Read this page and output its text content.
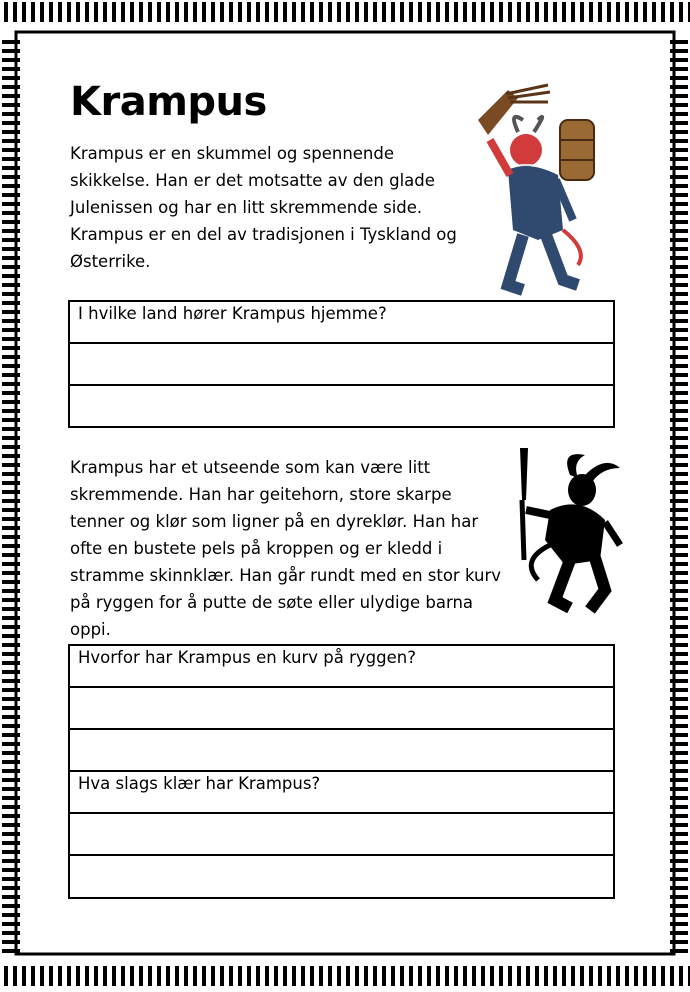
Krampus
Krampus er en skummel og spennende skikkelse. Han er det motsatte av den glade Julenissen og har en litt skremmende side. Krampus er en del av tradisjonen i Tyskland og Østerrike.
I hvilke land hører Krampus hjemme?
Krampus har et utseende som kan være litt skremmende. Han har geitehorn, store skarpe tenner og klør som ligner på en dyreklør. Han har ofte en bustete pels på kroppen og er kledd i stramme skinnklær. Han går rundt med en stor kurv på ryggen for å putte de søte eller ulydige barna oppi.
Hvorfor har Krampus en kurv på ryggen?
Hva slags klær har Krampus?
